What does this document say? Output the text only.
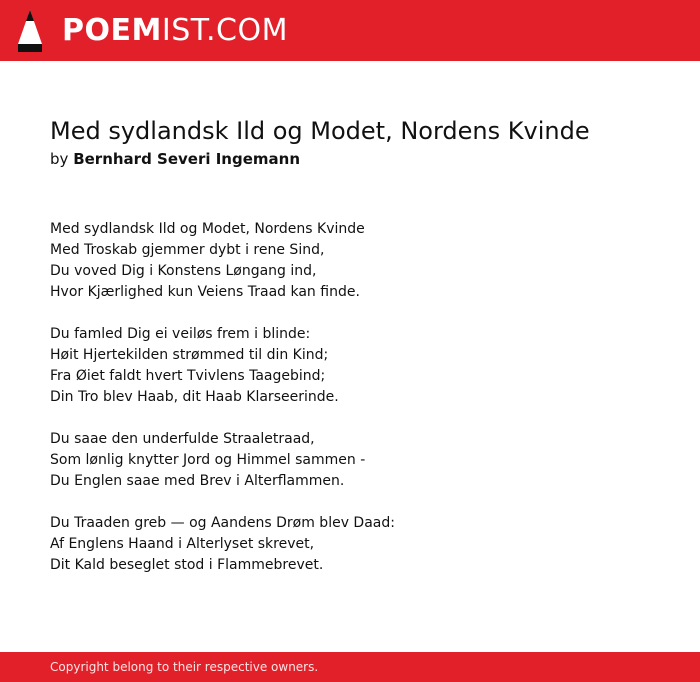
POEMIST.COM
Med sydlandsk Ild og Modet, Nordens Kvinde
by Bernhard Severi Ingemann
Med sydlandsk Ild og Modet, Nordens Kvinde
Med Troskab gjemmer dybt i rene Sind,
Du voved Dig i Konstens Løngang ind,
Hvor Kjærlighed kun Veiens Traad kan finde.
Du famled Dig ei veiløs frem i blinde:
Høit Hjertekilden strømmed til din Kind;
Fra Øiet faldt hvert Tvivlens Taagebind;
Din Tro blev Haab, dit Haab Klarseerinde.
Du saae den underfulde Straaletraad,
Som lønlig knytter Jord og Himmel sammen -
Du Englen saae med Brev i Alterflammen.
Du Traaden greb — og Aandens Drøm blev Daad:
Af Englens Haand i Alterlyset skrevet,
Dit Kald beseglet stod i Flammebrevet.
Copyright belong to their respective owners.
